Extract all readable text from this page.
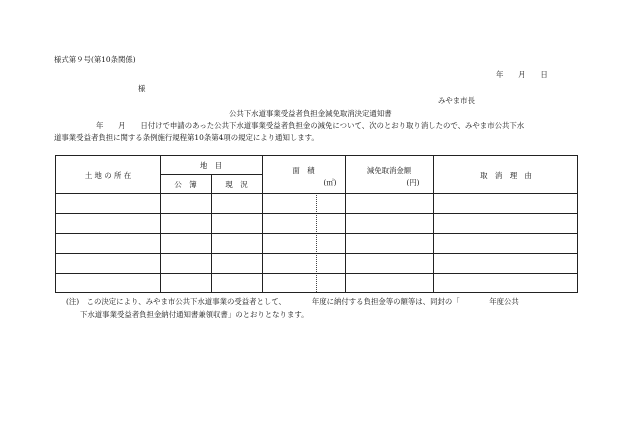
様式第９号(第10条関係)
年　　月　　日
様
みやま市長
公共下水道事業受益者負担金減免取消決定通知書
年　　月　　日付けで申請のあった公共下水道事業受益者負担金の減免について、次のとおり取り消したので、みやま市公共下水
道事業受益者負担に関する条例施行規程第10条第4項の規定により通知します。
土 地 の 所 在
地　目
公　簿	現　況
面　積
(㎡)
減免取消金額
(円)
取　消　理　由
(注)　この決定により、みやま市公共下水道事業の受益者として、　　　　年度に納付する負担金等の額等は、同封の「　　　　年度公共
下水道事業受益者負担金納付通知書兼領収書」のとおりとなります。
